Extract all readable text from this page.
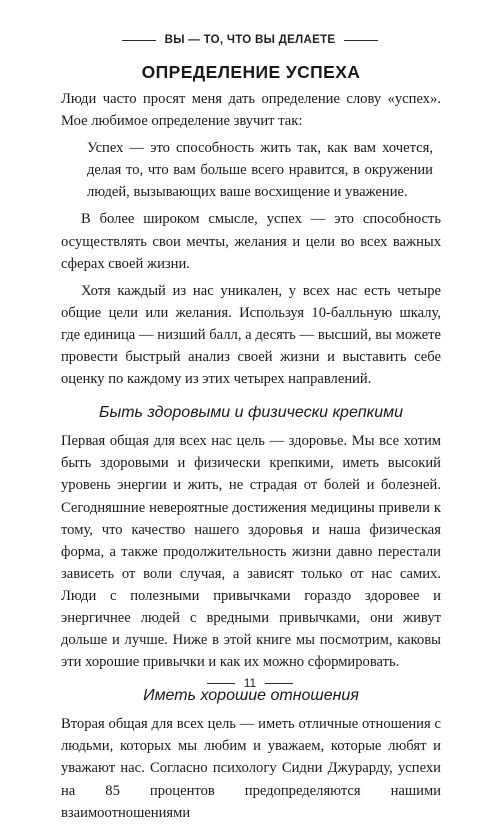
ВЫ — ТО, ЧТО ВЫ ДЕЛАЕТЕ
ОПРЕДЕЛЕНИЕ УСПЕХА

Люди часто просят меня дать определение слову «успех». Мое любимое определение звучит так:

Успех — это способность жить так, как вам хочется, делая то, что вам больше всего нравится, в окружении людей, вызывающих ваше восхищение и уважение.

В более широком смысле, успех — это способность осуществлять свои мечты, желания и цели во всех важных сферах своей жизни.

Хотя каждый из нас уникален, у всех нас есть четыре общие цели или желания. Используя 10-балльную шкалу, где единица — низший балл, а десять — высший, вы можете провести быстрый анализ своей жизни и выставить себе оценку по каждому из этих четырех направлений.

Быть здоровыми и физически крепкими

Первая общая для всех нас цель — здоровье. Мы все хотим быть здоровыми и физически крепкими, иметь высокий уровень энергии и жить, не страдая от болей и болезней. Сегодняшние невероятные достижения медицины привели к тому, что качество нашего здоровья и наша физическая форма, а также продолжительность жизни давно перестали зависеть от воли случая, а зависят только от нас самих. Люди с полезными привычками гораздо здоровее и энергичнее людей с вредными привычками, они живут дольше и лучше. Ниже в этой книге мы посмотрим, каковы эти хорошие привычки и как их можно сформировать.

Иметь хорошие отношения

Вторая общая для всех цель — иметь отличные отношения с людьми, которых мы любим и уважаем, которые любят и уважают нас. Согласно психологу Сидни Джурарду, успехи на 85 процентов предопределяются нашими взаимоотношениями

11
